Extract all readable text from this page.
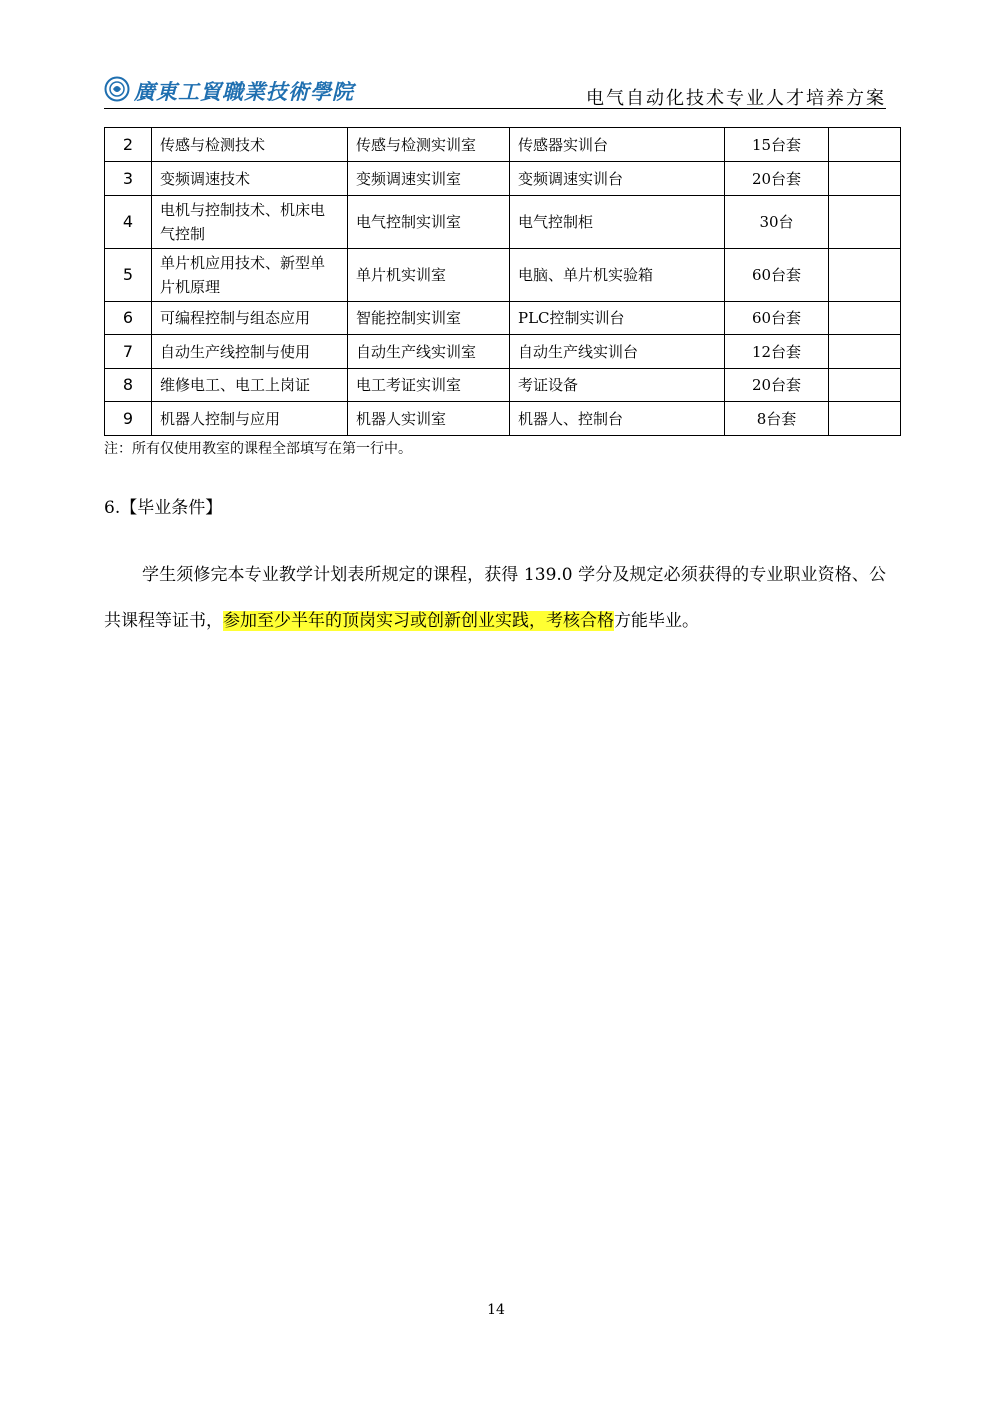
廣東工貿職業技術學院	电气自动化技术专业人才培养方案
2	传感与检测技术	传感与检测实训室	传感器实训台	15台套	
3	变频调速技术	变频调速实训室	变频调速实训台	20台套	
4	电机与控制技术、机床电气控制	电气控制实训室	电气控制柜	30台	
5	单片机应用技术、新型单片机原理	单片机实训室	电脑、单片机实验箱	60台套	
6	可编程控制与组态应用	智能控制实训室	PLC控制实训台	60台套	
7	自动生产线控制与使用	自动生产线实训室	自动生产线实训台	12台套	
8	维修电工、电工上岗证	电工考证实训室	考证设备	20台套	
9	机器人控制与应用	机器人实训室	机器人、控制台	8台套	
注：所有仅使用教室的课程全部填写在第一行中。
6.【毕业条件】

学生须修完本专业教学计划表所规定的课程，获得 139.0 学分及规定必须获得的专业职业资格、公共课程等证书，参加至少半年的顶岗实习或创新创业实践，考核合格方能毕业。

14
